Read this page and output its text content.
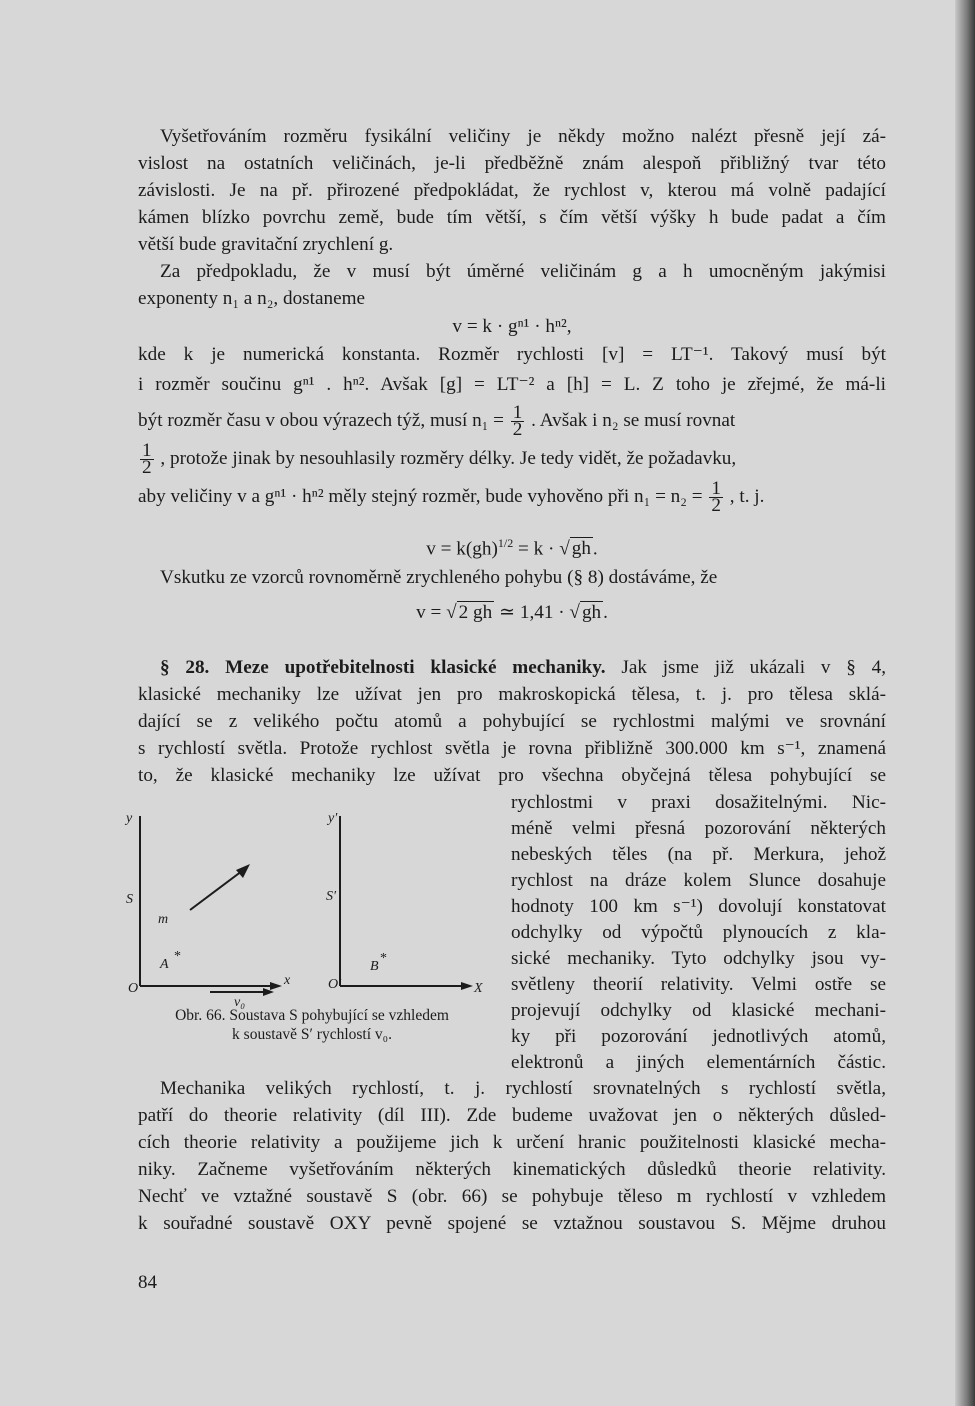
Vyšetřováním rozměru fysikální veličiny je někdy možno nalézt přesně její zá-
vislost na ostatních veličinách, je-li předběžně znám alespoň přibližný tvar této
závislosti. Je na př. přirozené předpokládat, že rychlost v, kterou má volně padající
kámen blízko povrchu země, bude tím větší, s čím větší výšky h bude padat a čím
větší bude gravitační zrychlení g.
Za předpokladu, že v musí být úměrné veličinám g a h umocněným jakýmisi
exponenty n₁ a n₂, dostaneme
v = k · gⁿ¹ · hⁿ²,
kde k je numerická konstanta. Rozměr rychlosti [v] = LT⁻¹. Takový musí být
i rozměr součinu gⁿ¹ . hⁿ². Avšak [g] = LT⁻² a [h] = L. Z toho je zřejmé, že má-li
být rozměr času v obou výrazech týž, musí $n_1 = \frac{1}{2}$ . Avšak i n₂ se musí rovnat
$\frac{1}{2}$ , protože jinak by nesouhlasily rozměry délky. Je tedy vidět, že požadavku,
aby veličiny v a gⁿ¹ · hⁿ² měly stejný rozměr, bude vyhověno při $n_1 = n_2 = \frac{1}{2}$ , t. j.
v = k(gh)$^{1/2}$ = k · √ gh .
Vskutku ze vzorců rovnoměrně zrychleného pohybu (§ 8) dostáváme, že
v = √ 2 gh ≃ 1,41 · √ gh .
§ 28. Meze upotřebitelnosti klasické mechaniky. Jak jsme již ukázali v § 4,
klasické mechaniky lze užívat jen pro makroskopická tělesa, t. j. pro tělesa sklá-
dající se z velikého počtu atomů a pohybující se rychlostmi malými ve srovnání
s rychlostí světla. Protože rychlost světla je rovna přibližně 300.000 km s⁻¹, znamená
to, že klasické mechaniky lze užívat pro všechna obyčejná tělesa pohybující se
rychlostmi v praxi dosažitelnými. Nic-
méně velmi přesná pozorování některých
nebeských těles (na př. Merkura, jehož
rychlost na dráze kolem Slunce dosahuje
hodnoty 100 km s⁻¹) dovolují konstatovat
odchylky od výpočtů plynoucích z kla-
sické mechaniky. Tyto odchylky jsou vy-
světleny theorií relativity. Velmi ostře se
projevují odchylky od klasické mechani-
ky při pozorování jednotlivých atomů,
elektronů a jiných elementárních částic.
y
S
m
A
*
O
x
v₀
y′
S′
B
*
O′	X
Obr. 66. Soustava S pohybující se vzhledem
k soustavě S′ rychlostí v₀.
Mechanika velikých rychlostí, t. j. rychlostí srovnatelných s rychlostí světla,
patří do theorie relativity (díl III). Zde budeme uvažovat jen o některých důsled-
cích theorie relativity a použijeme jich k určení hranic použitelnosti klasické mecha-
niky. Začneme vyšetřováním některých kinematických důsledků theorie relativity.
Nechť ve vztažné soustavě S (obr. 66) se pohybuje těleso m rychlostí v vzhledem
k souřadné soustavě OXY pevně spojené se vztažnou soustavou S. Mějme druhou
84
